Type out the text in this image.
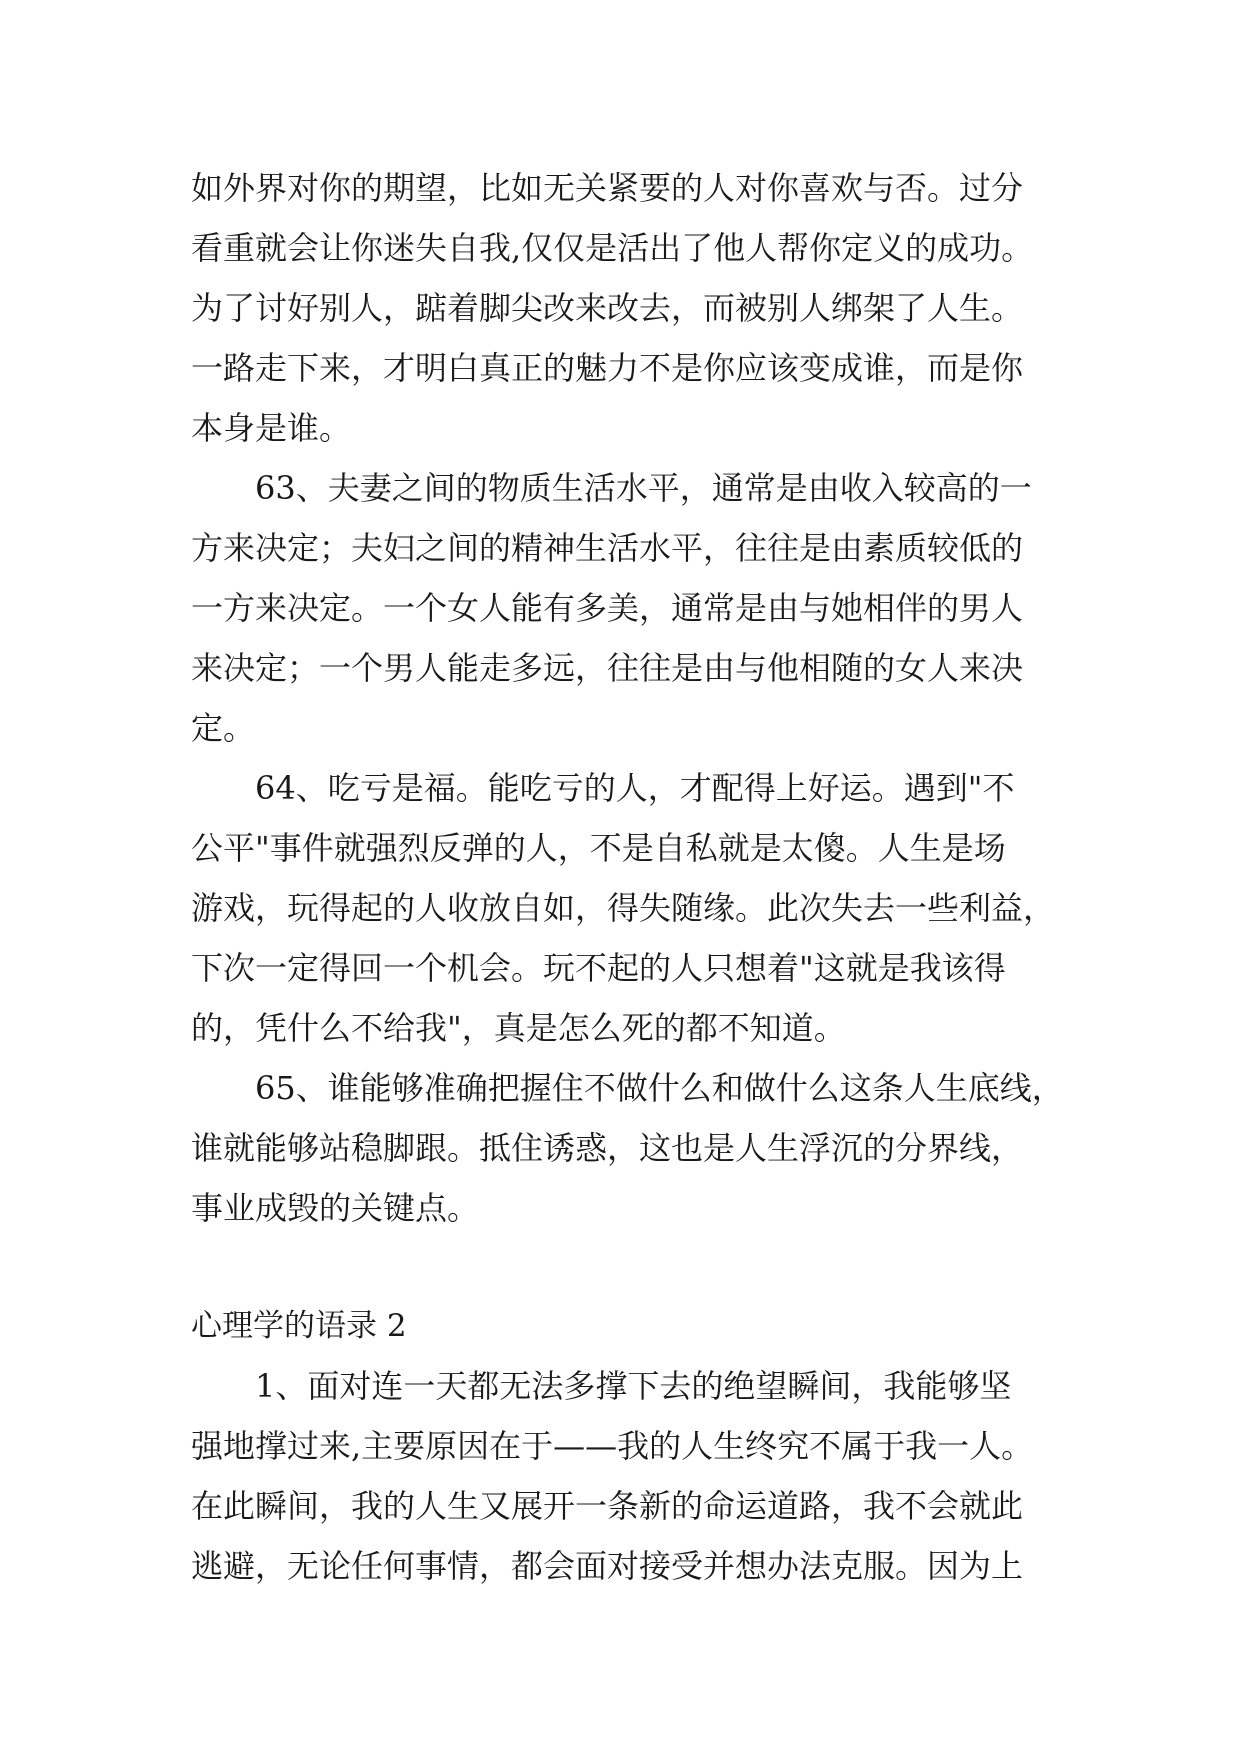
如外界对你的期望，比如无关紧要的人对你喜欢与否。过分
看重就会让你迷失自我,仅仅是活出了他人帮你定义的成功。
为了讨好别人，踮着脚尖改来改去，而被别人绑架了人生。
一路走下来，才明白真正的魅力不是你应该变成谁，而是你
本身是谁。
63、夫妻之间的物质生活水平，通常是由收入较高的一
方来决定；夫妇之间的精神生活水平，往往是由素质较低的
一方来决定。一个女人能有多美，通常是由与她相伴的男人
来决定；一个男人能走多远，往往是由与他相随的女人来决
定。
64、吃亏是福。能吃亏的人，才配得上好运。遇到"不
公平"事件就强烈反弹的人，不是自私就是太傻。人生是场
游戏，玩得起的人收放自如，得失随缘。此次失去一些利益，
下次一定得回一个机会。玩不起的人只想着"这就是我该得
的，凭什么不给我"，真是怎么死的都不知道。
65、谁能够准确把握住不做什么和做什么这条人生底线，
谁就能够站稳脚跟。抵住诱惑，这也是人生浮沉的分界线，
事业成毁的关键点。
心理学的语录 2
1、面对连一天都无法多撑下去的绝望瞬间，我能够坚
强地撑过来,主要原因在于——我的人生终究不属于我一人。
在此瞬间，我的人生又展开一条新的命运道路，我不会就此
逃避，无论任何事情，都会面对接受并想办法克服。因为上
